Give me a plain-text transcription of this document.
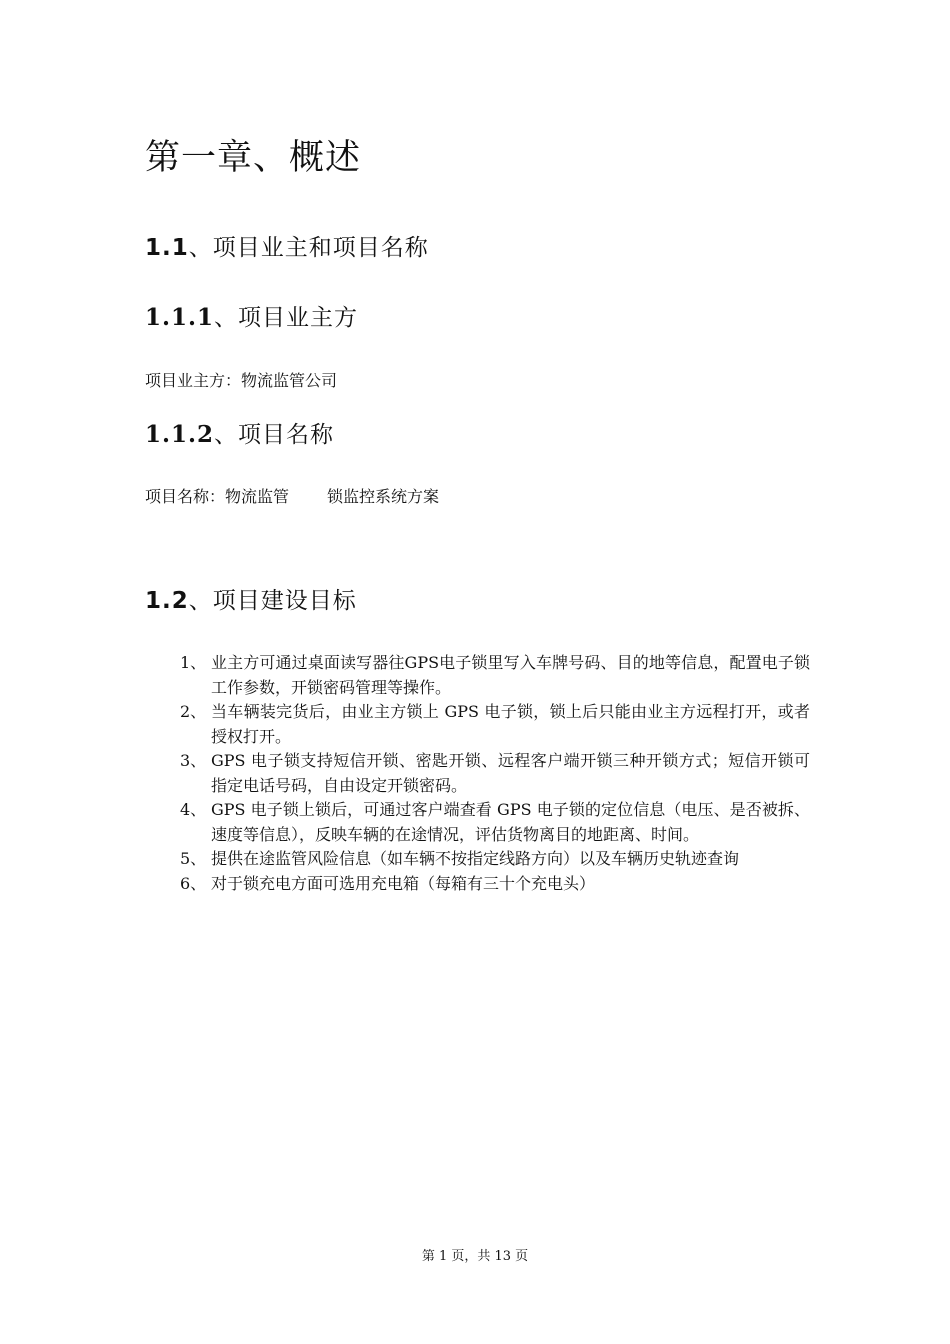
第一章、概述
1.1、项目业主和项目名称
1.1.1、项目业主方

项目业主方：物流监管公司

1.1.2、项目名称

项目名称：物流监管 锁监控系统方案

1.2、项目建设目标
1、 业主方可通过桌面读写器往GPS电子锁里写入车牌号码、目的地等信息，配置电子锁工作参数，开锁密码管理等操作。
2、 当车辆装完货后，由业主方锁上 GPS 电子锁，锁上后只能由业主方远程打开，或者授权打开。
3、 GPS 电子锁支持短信开锁、密匙开锁、远程客户端开锁三种开锁方式；短信开锁可指定电话号码，自由设定开锁密码。
4、 GPS 电子锁上锁后，可通过客户端查看 GPS 电子锁的定位信息（电压、是否被拆、速度等信息），反映车辆的在途情况，评估货物离目的地距离、时间。
5、 提供在途监管风险信息（如车辆不按指定线路方向）以及车辆历史轨迹查询
6、 对于锁充电方面可选用充电箱（每箱有三十个充电头）
第 1 页，共 13 页
